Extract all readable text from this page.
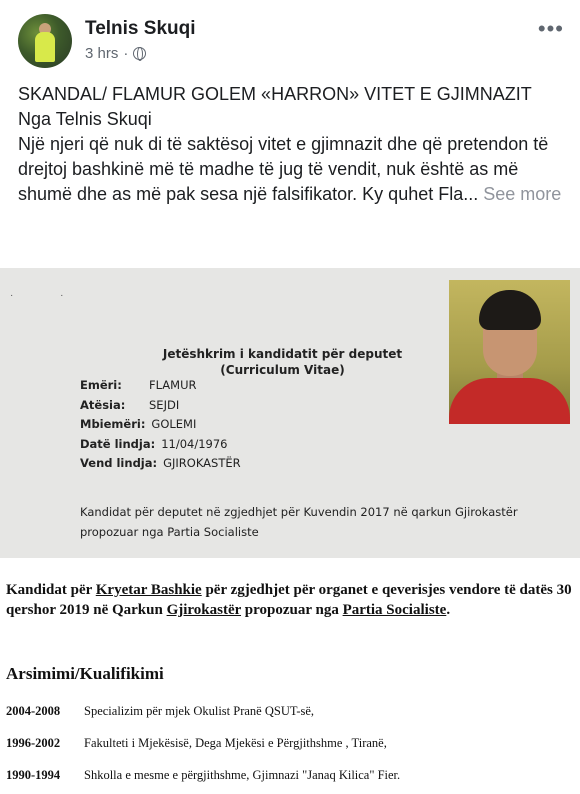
Telnis Skuqi
3 hrs ·
•••

SKANDAL/ FLAMUR GOLEM «HARRON» VITET E GJIMNAZIT

Nga Telnis Skuqi

Një njeri që nuk di të saktësoj vitet e gjimnazit dhe që pretendon të drejtoj bashkinë më të madhe të jug të vendit, nuk është as më shumë dhe as më pak sesa një falsifikator. Ky quhet Fla... See more

· ·
Jetëshkrim i kandidatit për deputet
(Curriculum Vitae)
Emëri: FLAMUR
Atësia: SEJDI
Mbiemëri: GOLEMI
Datë lindja: 11/04/1976
Vend lindja: GJIROKASTËR
Kandidat për deputet në zgjedhjet për Kuvendin 2017 në qarkun Gjirokastër propozuar nga Partia Socialiste
Kandidat për Kryetar Bashkie për zgjedhjet për organet e qeverisjes vendore të datës 30 qershor 2019 në Qarkun Gjirokastër propozuar nga Partia Socialiste.
Arsimimi/Kualifikimi
2004-2008	Specializim për mjek Okulist Pranë QSUT-së,
1996-2002	Fakulteti i Mjekësisë, Dega Mjekësi e Përgjithshme , Tiranë,
1990-1994	Shkolla e mesme e përgjithshme, Gjimnazi "Janaq Kilica" Fier.
